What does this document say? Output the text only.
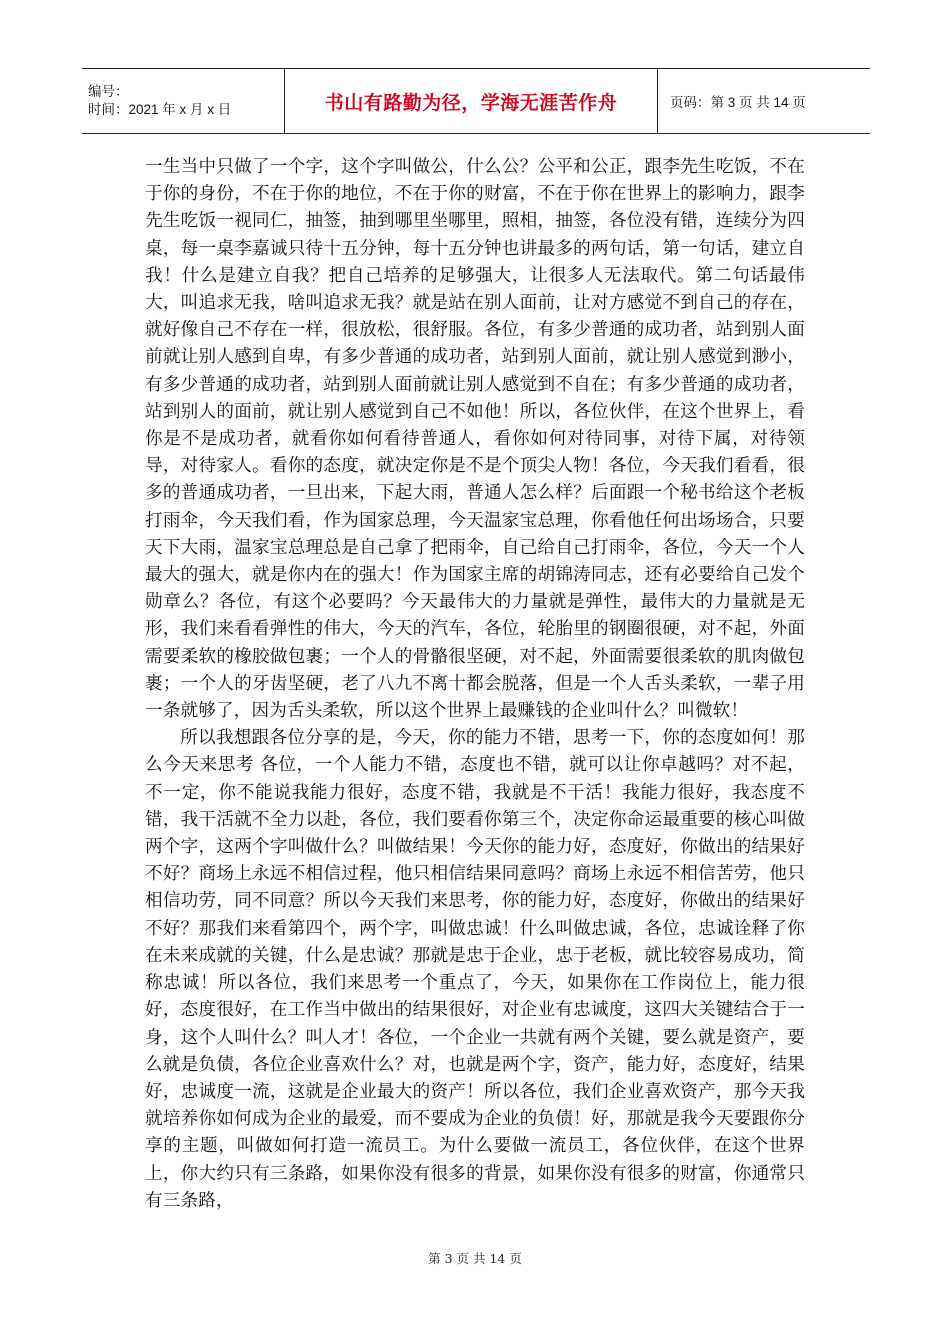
编号：
时间：2021 年 x 月 x 日	书山有路勤为径，学海无涯苦作舟	页码：第 3 页 共 14 页

一生当中只做了一个字，这个字叫做公，什么公？公平和公正，跟李先生吃饭，不在于你的身份，不在于你的地位，不在于你的财富，不在于你在世界上的影响力，跟李先生吃饭一视同仁，抽签，抽到哪里坐哪里，照相，抽签，各位没有错，连续分为四桌，每一桌李嘉诚只待十五分钟，每十五分钟也讲最多的两句话，第一句话，建立自我！什么是建立自我？把自己培养的足够强大，让很多人无法取代。第二句话最伟大，叫追求无我，啥叫追求无我？就是站在别人面前，让对方感觉不到自己的存在，就好像自己不存在一样，很放松，很舒服。各位，有多少普通的成功者，站到别人面前就让别人感到自卑，有多少普通的成功者，站到别人面前，就让别人感觉到渺小，有多少普通的成功者，站到别人面前就让别人感觉到不自在；有多少普通的成功者，站到别人的面前，就让别人感觉到自己不如他！所以，各位伙伴，在这个世界上，看你是不是成功者，就看你如何看待普通人，看你如何对待同事，对待下属，对待领导，对待家人。看你的态度，就决定你是不是个顶尖人物！各位，今天我们看看，很多的普通成功者，一旦出来，下起大雨，普通人怎么样？后面跟一个秘书给这个老板打雨伞，今天我们看，作为国家总理，今天温家宝总理，你看他任何出场场合，只要天下大雨，温家宝总理总是自己拿了把雨伞，自己给自己打雨伞，各位，今天一个人最大的强大，就是你内在的强大！作为国家主席的胡锦涛同志，还有必要给自己发个勋章么？各位，有这个必要吗？今天最伟大的力量就是弹性，最伟大的力量就是无形，我们来看看弹性的伟大，今天的汽车，各位，轮胎里的钢圈很硬，对不起，外面需要柔软的橡胶做包裹；一个人的骨骼很坚硬，对不起，外面需要很柔软的肌肉做包裹；一个人的牙齿坚硬，老了八九不离十都会脱落，但是一个人舌头柔软，一辈子用一条就够了，因为舌头柔软，所以这个世界上最赚钱的企业叫什么？叫微软！

所以我想跟各位分享的是，今天，你的能力不错，思考一下，你的态度如何！那么今天来思考 各位，一个人能力不错，态度也不错，就可以让你卓越吗？对不起，不一定，你不能说我能力很好，态度不错，我就是不干活！我能力很好，我态度不错，我干活就不全力以赴，各位，我们要看你第三个，决定你命运最重要的核心叫做两个字，这两个字叫做什么？叫做结果！今天你的能力好，态度好，你做出的结果好不好？商场上永远不相信过程，他只相信结果同意吗？商场上永远不相信苦劳，他只相信功劳，同不同意？所以今天我们来思考，你的能力好，态度好，你做出的结果好不好？那我们来看第四个，两个字，叫做忠诚！什么叫做忠诚，各位，忠诚诠释了你在未来成就的关键，什么是忠诚？那就是忠于企业，忠于老板，就比较容易成功，简称忠诚！所以各位，我们来思考一个重点了，今天，如果你在工作岗位上，能力很好，态度很好，在工作当中做出的结果很好，对企业有忠诚度，这四大关键结合于一身，这个人叫什么？叫人才！各位，一个企业一共就有两个关键，要么就是资产，要么就是负债，各位企业喜欢什么？对，也就是两个字，资产，能力好，态度好，结果好，忠诚度一流，这就是企业最大的资产！所以各位，我们企业喜欢资产，那今天我就培养你如何成为企业的最爱，而不要成为企业的负债！好，那就是我今天要跟你分享的主题，叫做如何打造一流员工。为什么要做一流员工，各位伙伴，在这个世界上，你大约只有三条路，如果你没有很多的背景，如果你没有很多的财富，你通常只有三条路，

第 3 页 共 14 页
